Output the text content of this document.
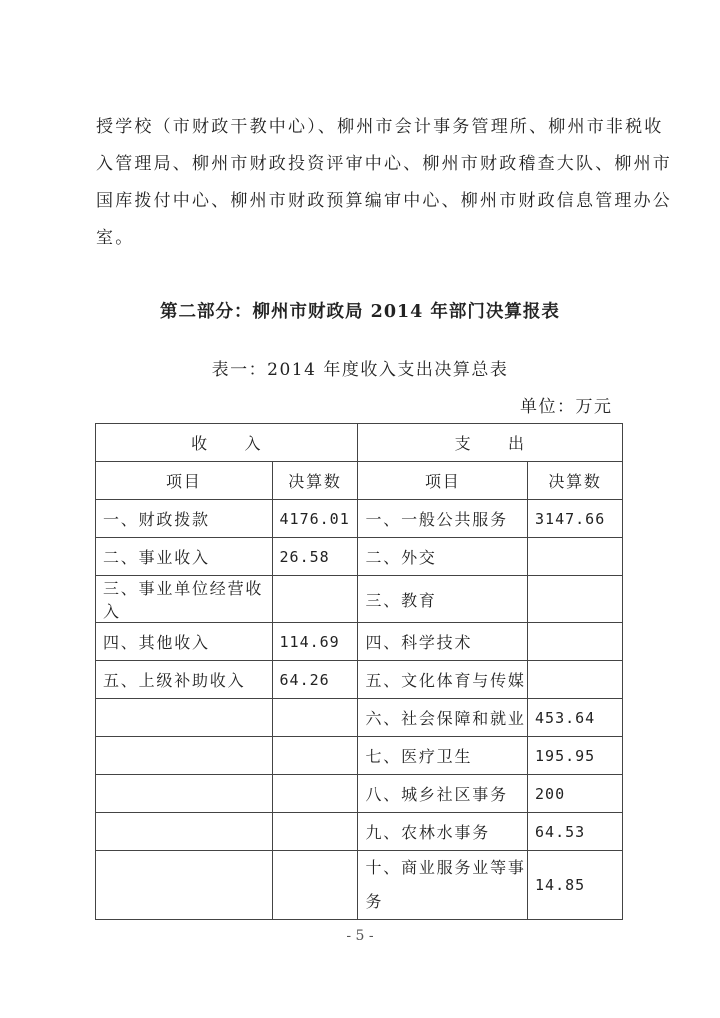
授学校（市财政干教中心）、柳州市会计事务管理所、柳州市非税收
入管理局、柳州市财政投资评审中心、柳州市财政稽查大队、柳州市
国库拨付中心、柳州市财政预算编审中心、柳州市财政信息管理办公
室。
第二部分：柳州市财政局 2014 年部门决算报表
表一：2014 年度收入支出决算总表
单位：万元
收　　入		支　　出	
项目	决算数	项目	决算数
一、财政拨款	4176.01	一、一般公共服务	3147.66
二、事业收入	26.58	二、外交	
三、事业单位经营收入		三、教育	
四、其他收入	114.69	四、科学技术	
五、上级补助收入	64.26	五、文化体育与传媒	
		六、社会保障和就业	453.64
		七、医疗卫生	195.95
		八、城乡社区事务	200
		九、农林水事务	64.53
		十、商业服务业等事务	14.85
- 5 -
